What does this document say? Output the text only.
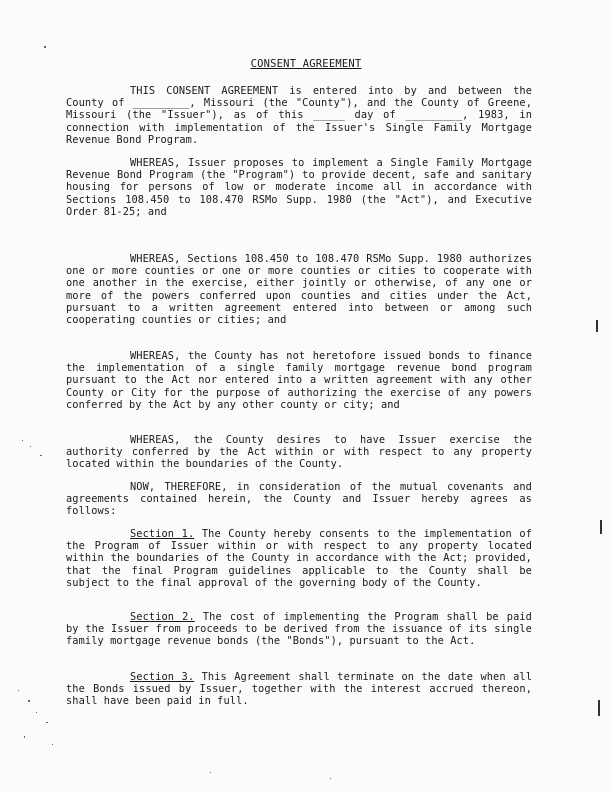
CONSENT AGREEMENT

THIS CONSENT AGREEMENT is entered into by and between the County of _________, Missouri (the "County"), and the County of Greene, Missouri (the "Issuer"), as of this _____ day of _________, 1983, in connection with implementation of the Issuer's Single Family Mortgage Revenue Bond Program.

WHEREAS, Issuer proposes to implement a Single Family Mortgage Revenue Bond Program (the "Program") to provide decent, safe and sanitary housing for persons of low or moderate income all in accordance with Sections 108.450 to 108.470 RSMo Supp. 1980 (the "Act"), and Executive Order 81-25; and

WHEREAS, Sections 108.450 to 108.470 RSMo Supp. 1980 authorizes one or more counties or one or more counties or cities to cooperate with one another in the exercise, either jointly or otherwise, of any one or more of the powers conferred upon counties and cities under the Act, pursuant to a written agreement entered into between or among such cooperating counties or cities; and

WHEREAS, the County has not heretofore issued bonds to finance the implementation of a single family mortgage revenue bond program pursuant to the Act nor entered into a written agreement with any other County or City for the purpose of authorizing the exercise of any powers conferred by the Act by any other county or city; and

WHEREAS, the County desires to have Issuer exercise the authority conferred by the Act within or with respect to any property located within the boundaries of the County.

NOW, THEREFORE, in consideration of the mutual covenants and agreements contained herein, the County and Issuer hereby agrees as follows:

Section 1. The County hereby consents to the implementation of the Program of Issuer within or with respect to any property located within the boundaries of the County in accordance with the Act; provided, that the final Program guidelines applicable to the County shall be subject to the final approval of the governing body of the County.

Section 2. The cost of implementing the Program shall be paid by the Issuer from proceeds to be derived from the issuance of its single family mortgage revenue bonds (the "Bonds"), pursuant to the Act.

Section 3. This Agreement shall terminate on the date when all the Bonds issued by Issuer, together with the interest accrued thereon, shall have been paid in full.
